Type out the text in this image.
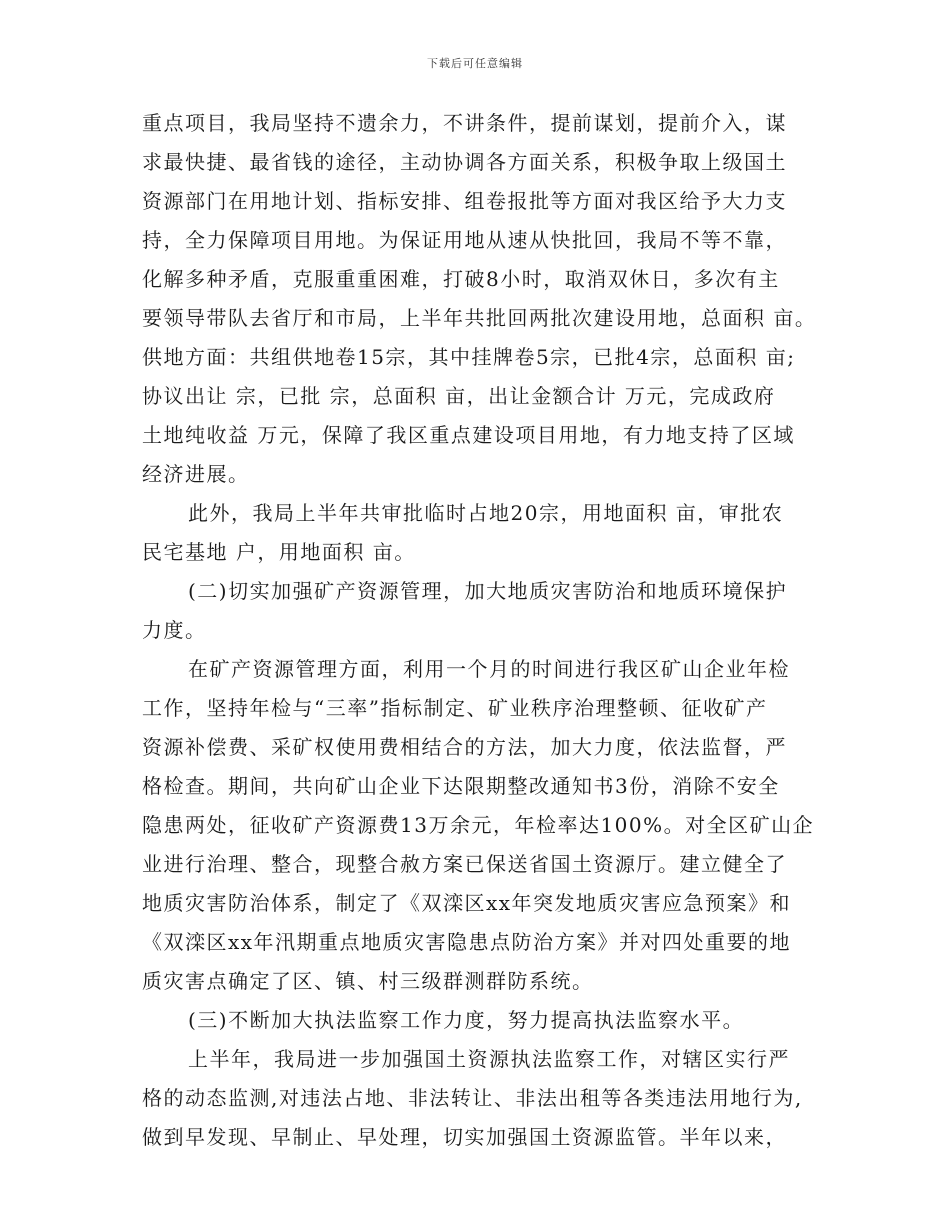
下载后可任意编辑
重点项目，我局坚持不遗余力，不讲条件，提前谋划，提前介入，谋
求最快捷、最省钱的途径，主动协调各方面关系，积极争取上级国土
资源部门在用地计划、指标安排、组卷报批等方面对我区给予大力支
持，全力保障项目用地。为保证用地从速从快批回，我局不等不靠，
化解多种矛盾，克服重重困难，打破8小时，取消双休日，多次有主
要领导带队去省厅和市局，上半年共批回两批次建设用地，总面积 亩。
供地方面：共组供地卷15宗，其中挂牌卷5宗，已批4宗，总面积 亩;
协议出让 宗，已批 宗，总面积 亩，出让金额合计 万元，完成政府
土地纯收益 万元，保障了我区重点建设项目用地，有力地支持了区域
经济进展。
此外，我局上半年共审批临时占地20宗，用地面积 亩，审批农
民宅基地 户，用地面积 亩。
(二)切实加强矿产资源管理，加大地质灾害防治和地质环境保护
力度。
在矿产资源管理方面，利用一个月的时间进行我区矿山企业年检
工作，坚持年检与“三率”指标制定、矿业秩序治理整顿、征收矿产
资源补偿费、采矿权使用费相结合的方法，加大力度，依法监督，严
格检查。期间，共向矿山企业下达限期整改通知书3份，消除不安全
隐患两处，征收矿产资源费13万余元，年检率达100%。对全区矿山企
业进行治理、整合，现整合赦方案已保送省国土资源厅。建立健全了
地质灾害防治体系，制定了《双滦区xx年突发地质灾害应急预案》和
《双滦区xx年汛期重点地质灾害隐患点防治方案》并对四处重要的地
质灾害点确定了区、镇、村三级群测群防系统。
(三)不断加大执法监察工作力度，努力提高执法监察水平。
上半年，我局进一步加强国土资源执法监察工作，对辖区实行严
格的动态监测,对违法占地、非法转让、非法出租等各类违法用地行为,
做到早发现、早制止、早处理，切实加强国土资源监管。半年以来，
